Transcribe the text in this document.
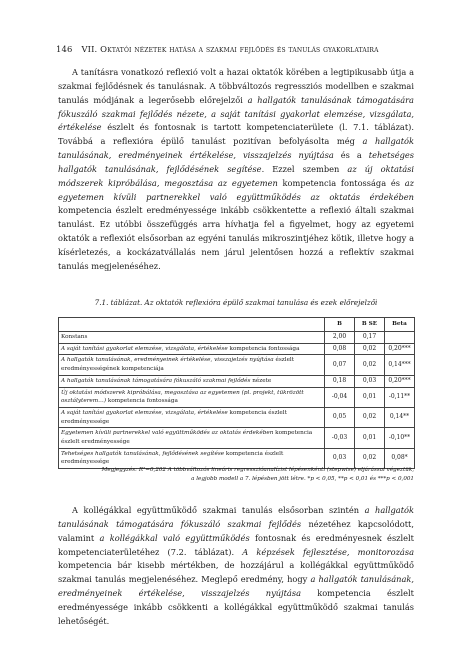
146 VII. Oktatói nézetek hatása a szakmai fejlődés és tanulás gyakorlataira

A tanításra vonatkozó reflexió volt a hazai oktatók körében a legtipikusabb útja a szakmai fejlődésnek és tanulásnak. A többváltozós regressziós modellben e szakmai tanulás módjának a legerősebb előrejelzői a hallgatók tanulásának támogatására fókuszáló szakmai fejlődés nézete, a saját tanítási gyakorlat elemzése, vizsgálata, értékelése észlelt és fontosnak is tartott kompetenciaterülete (l. 7.1. táblázat). Továbbá a reflexióra épülő tanulást pozitívan befolyásolta még a hallgatók tanulásának, eredményeinek értékelése, visszajelzés nyújtása és a tehetséges hallgatók tanulásának, fejlődésének segítése. Ezzel szemben az új oktatási módszerek kipróbálása, megosztása az egyetemen kompetencia fontossága és az egyetemen kívüli partnerekkel való együttműködés az oktatás érdekében kompetencia észlelt eredményessége inkább csökkentette a reflexió általi szakmai tanulást. Ez utóbbi összefüggés arra hívhatja fel a figyelmet, hogy az egyetemi oktatók a reflexiót elsősorban az egyéni tanulás mikroszintjéhez kötik, illetve hogy a kísérletezés, a kockázatvállalás nem járul jelentősen hozzá a reflektív szakmai tanulás megjelenéséhez.

7.1. táblázat. Az oktatók reflexióra épülő szakmai tanulása és ezek előrejelzői
	B	B SE	Beta
Konstans	2,00	0,17	
A saját tanítási gyakorlat elemzése, vizsgálata, értékelése kompetencia fontossága	0,08	0,02	0,20***
A hallgatók tanulásának, eredményeinek értékelése, visszajelzés nyújtása észlelt eredményességének kompetenciája	0,07	0,02	0,14***
A hallgatók tanulásának támogatására fókuszáló szakmai fejlődés nézete	0,18	0,03	0,20***
Új oktatási módszerek kipróbálása, megosztása az egyetemen (pl. projekt, tükrözött osztályterem…) kompetencia fontossága	-0,04	0,01	-0,11**
A saját tanítási gyakorlat elemzése, vizsgálata, értékelése kompetencia észlelt eredményessége	0,05	0,02	0,14**
Egyetemen kívüli partnerekkel való együttműködés az oktatás érdekében kompetencia észlelt eredményessége	-0,03	0,01	-0,10**
Tehetséges hallgatók tanulásának, fejlődésének segítése kompetencia észlelt eredményessége	0,03	0,02	0,08*
Megjegyzés: R²=0,202 A többváltozós lineáris regresszióanalízist lépésenkénti (stepwise) eljárással végeztük,
a legjobb modell a 7. lépésben jött létre. *p < 0,05, **p < 0,01 és ***p < 0,001

A kollégákkal együttműködő szakmai tanulás elsősorban szintén a hallgatók tanulásának támogatására fókuszáló szakmai fejlődés nézetéhez kapcsolódott, valamint a kollégákkal való együttműködés fontosnak és eredményesnek észlelt kompetenciaterületéhez (7.2. táblázat). A képzések fejlesztése, monitorozása kompetencia bár kisebb mértékben, de hozzájárul a kollégákkal együttműködő szakmai tanulás megjelenéséhez. Meglepő eredmény, hogy a hallgatók tanulásának, eredményeinek értékelése, visszajelzés nyújtása kompetencia észlelt eredményessége inkább csökkenti a kollégákkal együttműködő szakmai tanulás lehetőségét.
